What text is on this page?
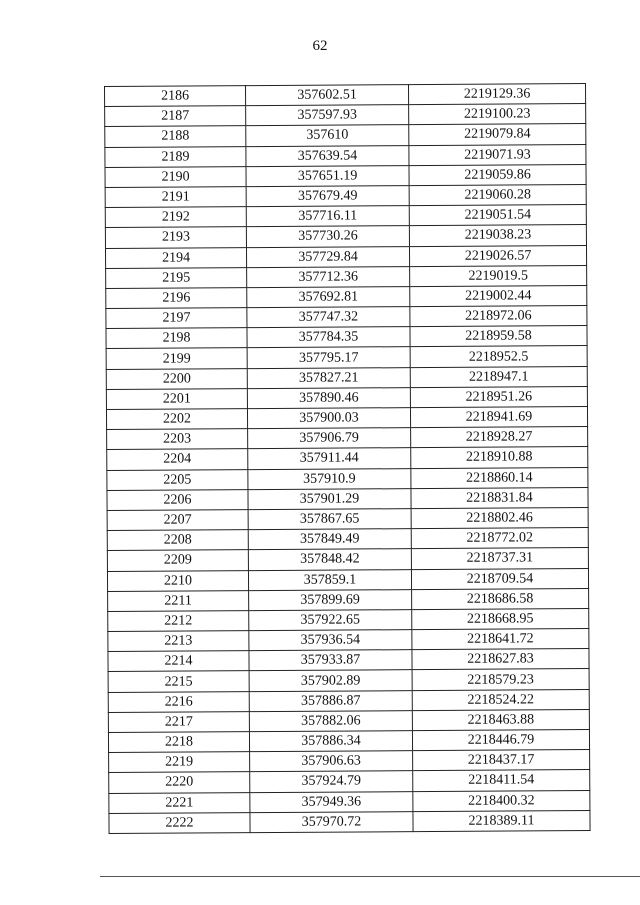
62
2186	357602.51	2219129.36
2187	357597.93	2219100.23
2188	357610	2219079.84
2189	357639.54	2219071.93
2190	357651.19	2219059.86
2191	357679.49	2219060.28
2192	357716.11	2219051.54
2193	357730.26	2219038.23
2194	357729.84	2219026.57
2195	357712.36	2219019.5
2196	357692.81	2219002.44
2197	357747.32	2218972.06
2198	357784.35	2218959.58
2199	357795.17	2218952.5
2200	357827.21	2218947.1
2201	357890.46	2218951.26
2202	357900.03	2218941.69
2203	357906.79	2218928.27
2204	357911.44	2218910.88
2205	357910.9	2218860.14
2206	357901.29	2218831.84
2207	357867.65	2218802.46
2208	357849.49	2218772.02
2209	357848.42	2218737.31
2210	357859.1	2218709.54
2211	357899.69	2218686.58
2212	357922.65	2218668.95
2213	357936.54	2218641.72
2214	357933.87	2218627.83
2215	357902.89	2218579.23
2216	357886.87	2218524.22
2217	357882.06	2218463.88
2218	357886.34	2218446.79
2219	357906.63	2218437.17
2220	357924.79	2218411.54
2221	357949.36	2218400.32
2222	357970.72	2218389.11
